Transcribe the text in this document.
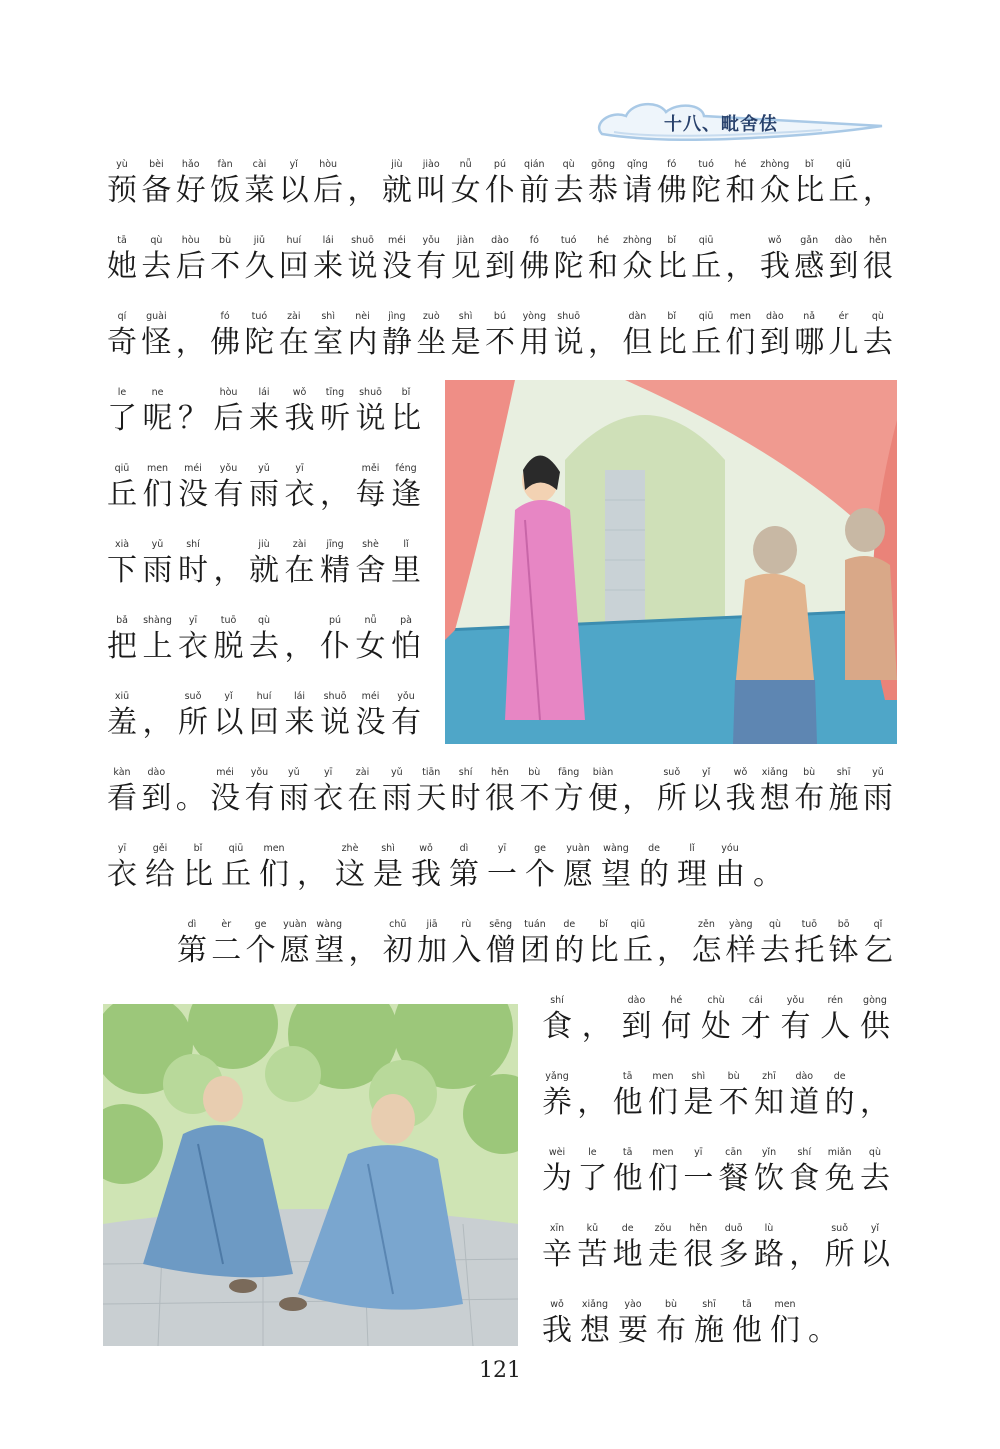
十八、毗舍佉
yù
预
bèi
备
hǎo
好
fàn
饭
cài
菜
yǐ
以
hòu
后 ，
jiù
就
jiào
叫
nǚ
女
pú
仆
qián
前
qù
去
gōng
恭
qǐng
请
fó
佛
tuó
陀
hé
和
zhòng
众
bǐ
比
qiū
丘 ，
tā
她
qù
去
hòu
后
bù
不
jiǔ
久
huí
回
lái
来
shuō
说
méi
没
yǒu
有
jiàn
见
dào
到
fó
佛
tuó
陀
hé
和
zhòng
众
bǐ
比
qiū
丘 ，
wǒ
我
gǎn
感
dào
到
hěn
很
qí
奇
guài
怪 ，
fó
佛
tuó
陀
zài
在
shì
室
nèi
内
jìng
静
zuò
坐
shì
是
bú
不
yòng
用
shuō
说 ，
dàn
但
bǐ
比
qiū
丘
men
们
dào
到
nǎ
哪
ér
儿
qù
去
le
了
ne
呢 ？
hòu
后
lái
来
wǒ
我
tīng
听
shuō
说
bǐ
比
qiū
丘
men
们
méi
没
yǒu
有
yǔ
雨
yī
衣 ，
měi
每
féng
逢
xià
下
yǔ
雨
shí
时 ，
jiù
就
zài
在
jīng
精
shè
舍
lǐ
里
bǎ
把
shàng
上
yī
衣
tuō
脱
qù
去 ，
pú
仆
nǚ
女
pà
怕
xiū
羞 ，
suǒ
所
yǐ
以
huí
回
lái
来
shuō
说
méi
没
yǒu
有
kàn
看
dào
到 。
méi
没
yǒu
有
yǔ
雨
yī
衣
zài
在
yǔ
雨
tiān
天
shí
时
hěn
很
bù
不
fāng
方
biàn
便 ，
suǒ
所
yǐ
以
wǒ
我
xiǎng
想
bù
布
shī
施
yǔ
雨
yī
衣
gěi
给
bǐ
比
qiū
丘
men
们 ，
zhè
这
shì
是
wǒ
我
dì
第
yī
一
ge
个
yuàn
愿
wàng
望
de
的
lǐ
理
yóu
由 。
dì
第
èr
二
ge
个
yuàn
愿
wàng
望 ，
chū
初
jiā
加
rù
入
sēng
僧
tuán
团
de
的
bǐ
比
qiū
丘 ，
zěn
怎
yàng
样
qù
去
tuō
托
bō
钵
qǐ
乞
shí
食 ，
dào
到
hé
何
chù
处
cái
才
yǒu
有
rén
人
gòng
供
yǎng
养 ，
tā
他
men
们
shì
是
bù
不
zhī
知
dào
道
de
的 ，
wèi
为
le
了
tā
他
men
们
yī
一
cān
餐
yǐn
饮
shí
食
miǎn
免
qù
去
xīn
辛
kǔ
苦
de
地
zǒu
走
hěn
很
duō
多
lù
路 ，
suǒ
所
yǐ
以
wǒ
我
xiǎng
想
yào
要
bù
布
shī
施
tā
他
men
们 。
121
